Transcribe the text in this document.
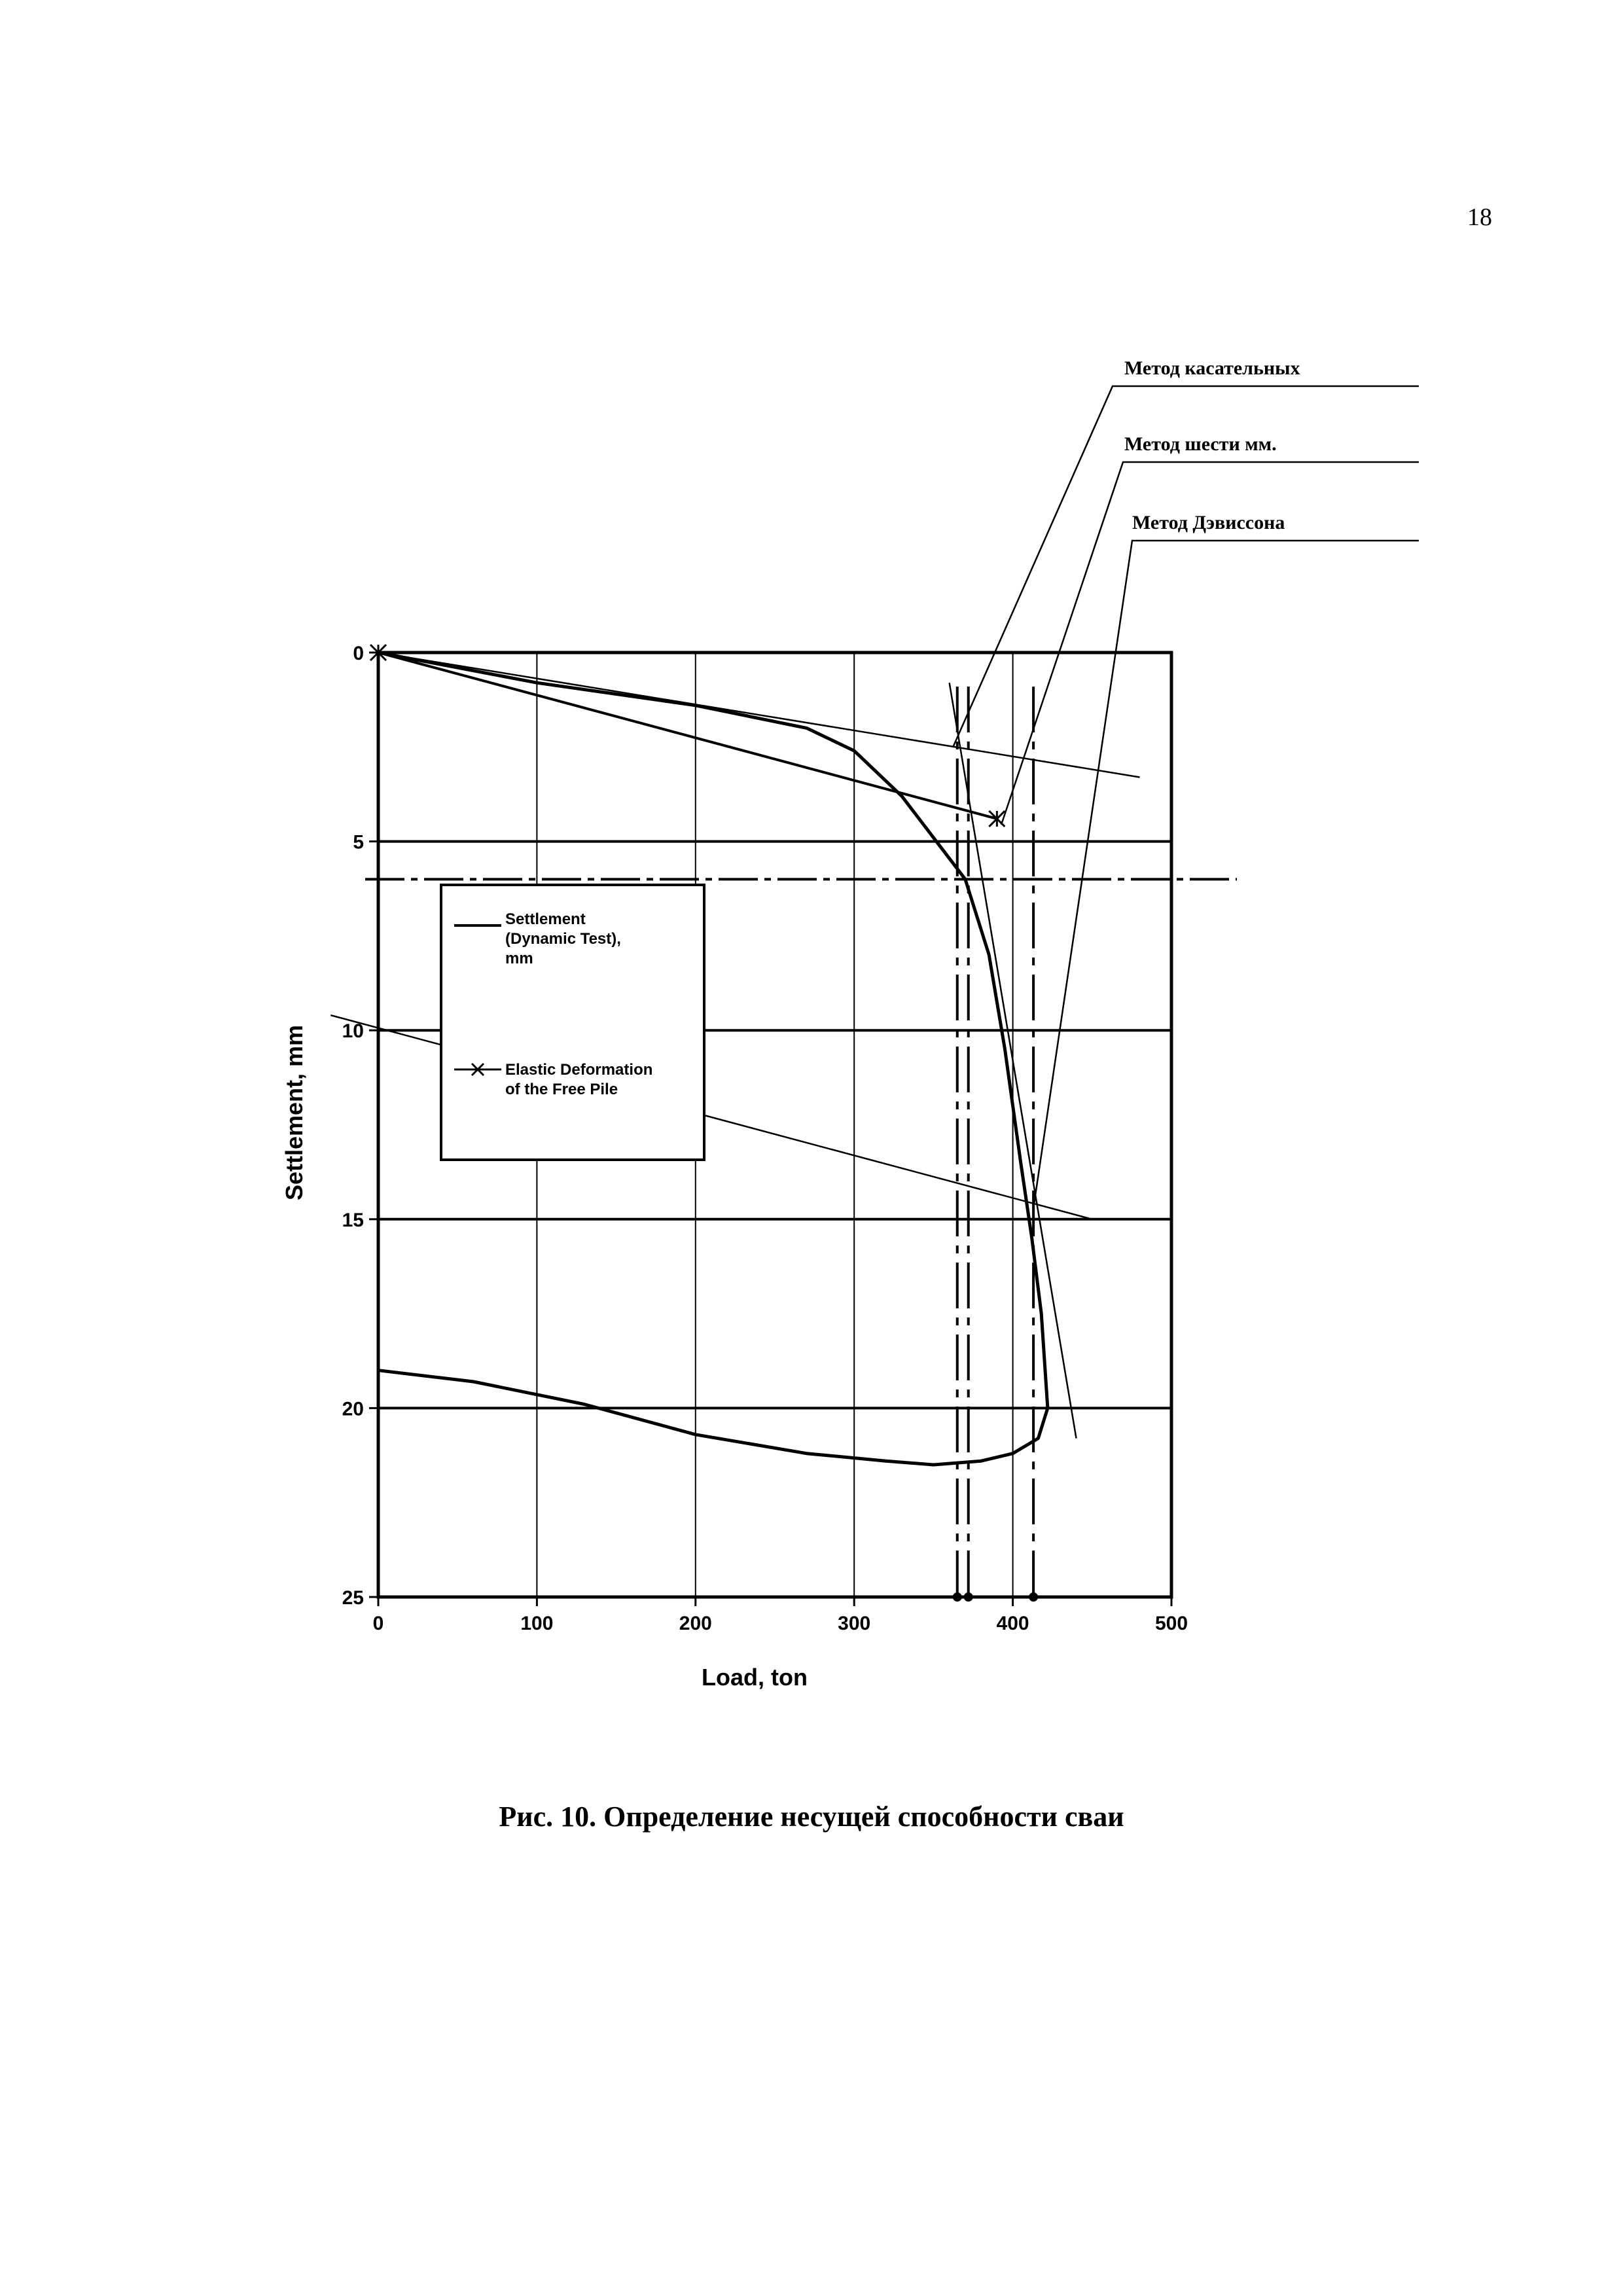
18
0	100	200	300	400	500
0
5
10
15
20
25
Settlement
(Dynamic Test),
mm
Elastic Deformation
of the Free Pile
Load, ton
Settlement, mm
Метод касательных
Метод шести мм.
Метод Дэвиссона
Рис. 10. Определение несущей способности сваи
